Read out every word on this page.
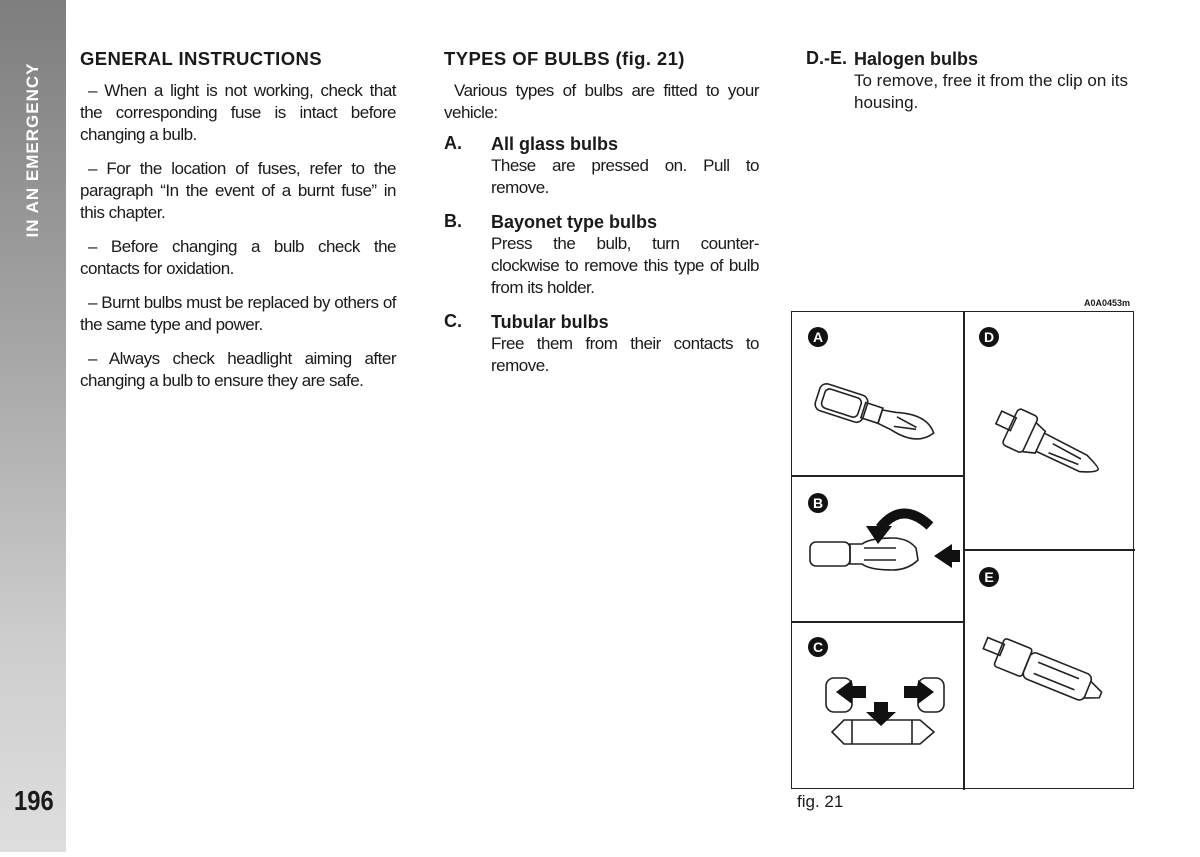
IN AN EMERGENCY
196
GENERAL INSTRUCTIONS

– When a light is not working, check that the corresponding fuse is intact before changing a bulb.

– For the location of fuses, refer to the paragraph “In the event of a burnt fuse” in this chapter.

– Before changing a bulb check the contacts for oxidation.

– Burnt bulbs must be replaced by others of the same type and power.

– Always check headlight aiming after changing a bulb to ensure they are safe.

TYPES OF BULBS (fig. 21)

Various types of bulbs are fitted to your vehicle:

A. All glass bulbs
These are pressed on. Pull to remove.
B. Bayonet type bulbs
Press the bulb, turn counter-clockwise to remove this type of bulb from its holder.
C. Tubular bulbs
Free them from their contacts to remove.
D.-E. Halogen bulbs
To remove, free it from the clip on its housing.
A0A0453m
A	D
B
C
E
fig. 21
